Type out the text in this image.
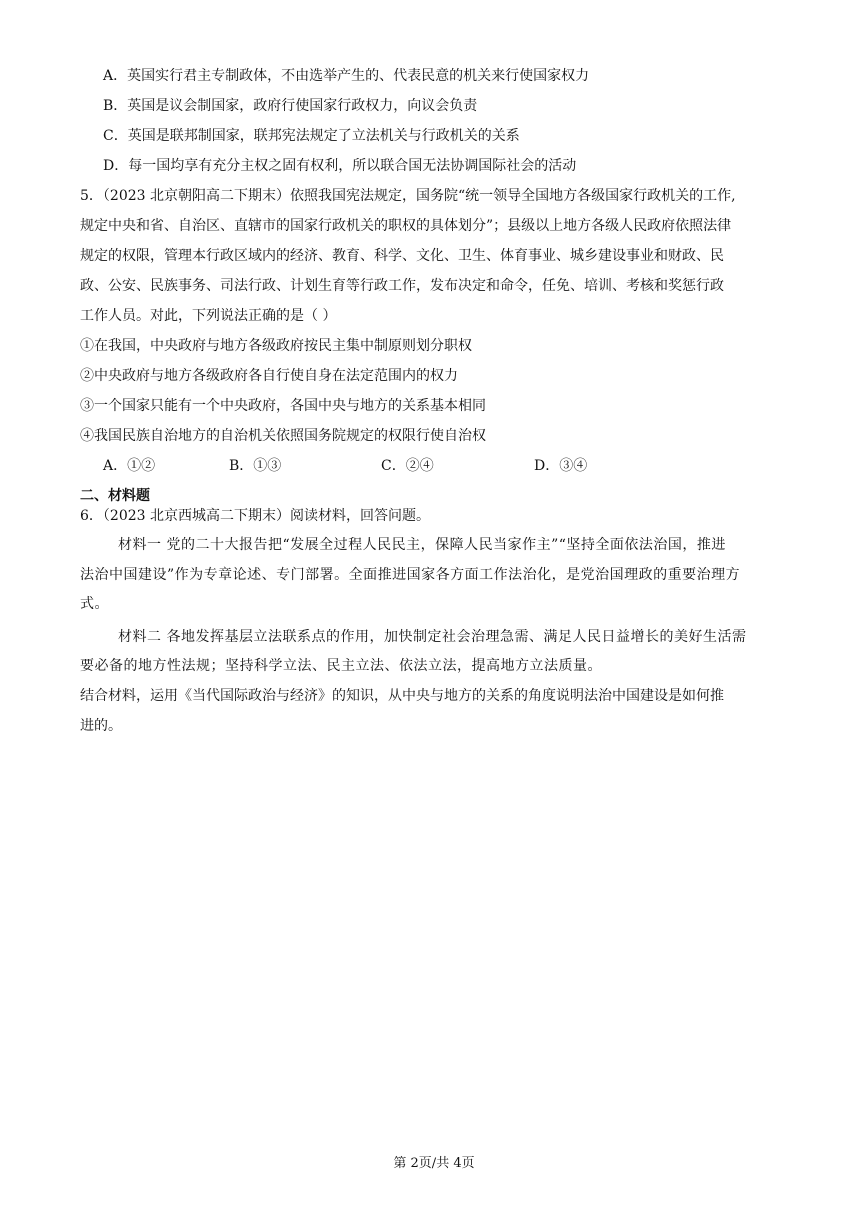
A．英国实行君主专制政体，不由选举产生的、代表民意的机关来行使国家权力
B．英国是议会制国家，政府行使国家行政权力，向议会负责
C．英国是联邦制国家，联邦宪法规定了立法机关与行政机关的关系
D．每一国均享有充分主权之固有权利，所以联合国无法协调国际社会的活动
5．（2023 北京朝阳高二下期末）依照我国宪法规定，国务院“统一领导全国地方各级国家行政机关的工作,
规定中央和省、自治区、直辖市的国家行政机关的职权的具体划分”；县级以上地方各级人民政府依照法律
规定的权限，管理本行政区域内的经济、教育、科学、文化、卫生、体育事业、城乡建设事业和财政、民
政、公安、民族事务、司法行政、计划生育等行政工作，发布决定和命令，任免、培训、考核和奖惩行政
工作人员。对此，下列说法正确的是（ ）
①在我国，中央政府与地方各级政府按民主集中制原则划分职权
②中央政府与地方各级政府各自行使自身在法定范围内的权力
③一个国家只能有一个中央政府，各国中央与地方的关系基本相同
④我国民族自治地方的自治机关依照国务院规定的权限行使自治权
A．①②	B．①③	C．②④	D．③④
二、材料题
6．（2023 北京西城高二下期末）阅读材料，回答问题。
材料一 党的二十大报告把“发展全过程人民民主，保障人民当家作主”“坚持全面依法治国，推进
法治中国建设”作为专章论述、专门部署。全面推进国家各方面工作法治化，是党治国理政的重要治理方
式。
材料二 各地发挥基层立法联系点的作用，加快制定社会治理急需、满足人民日益增长的美好生活需
要必备的地方性法规；坚持科学立法、民主立法、依法立法，提高地方立法质量。
结合材料，运用《当代国际政治与经济》的知识，从中央与地方的关系的角度说明法治中国建设是如何推
进的。
第 2页/共 4页
